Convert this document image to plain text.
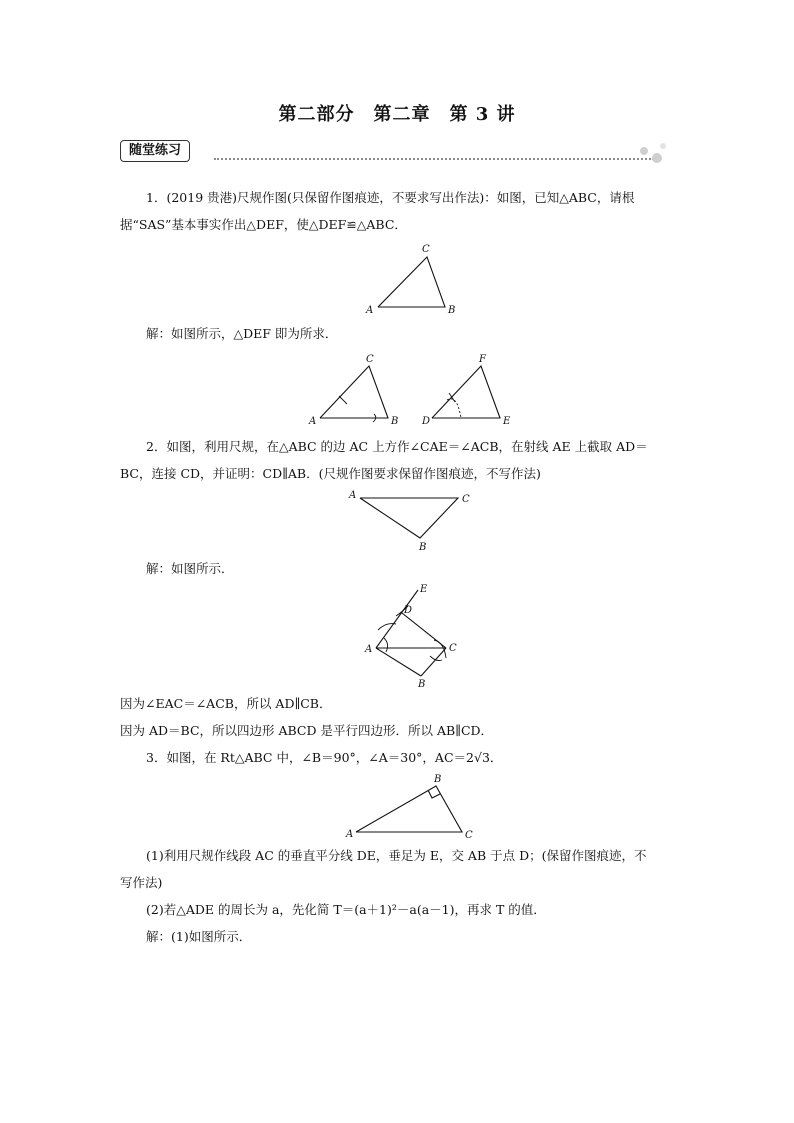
第二部分　第二章　第 3 讲
随堂练习
1．(2019 贵港)尺规作图(只保留作图痕迹，不要求写出作法)：如图，已知△ABC，请根
据“SAS”基本事实作出△DEF，使△DEF≌△ABC．
A	B
C
解：如图所示，△DEF 即为所求．
A	B
C
D	E
F
2．如图，利用尺规，在△ABC 的边 AC 上方作∠CAE＝∠ACB，在射线 AE 上截取 AD＝
BC，连接 CD，并证明：CD∥AB．(尺规作图要求保留作图痕迹，不写作法)
A	C
B
解：如图所示．
E
D
A	C
B
因为∠EAC＝∠ACB，所以 AD∥CB．
因为 AD＝BC，所以四边形 ABCD 是平行四边形．所以 AB∥CD．
3．如图，在 Rt△ABC 中，∠B＝90°，∠A＝30°，AC＝2√3．
A	C
B
(1)利用尺规作线段 AC 的垂直平分线 DE，垂足为 E，交 AB 于点 D；(保留作图痕迹，不
写作法)
(2)若△ADE 的周长为 a，先化简 T＝(a＋1)²－a(a－1)，再求 T 的值．
解：(1)如图所示．
